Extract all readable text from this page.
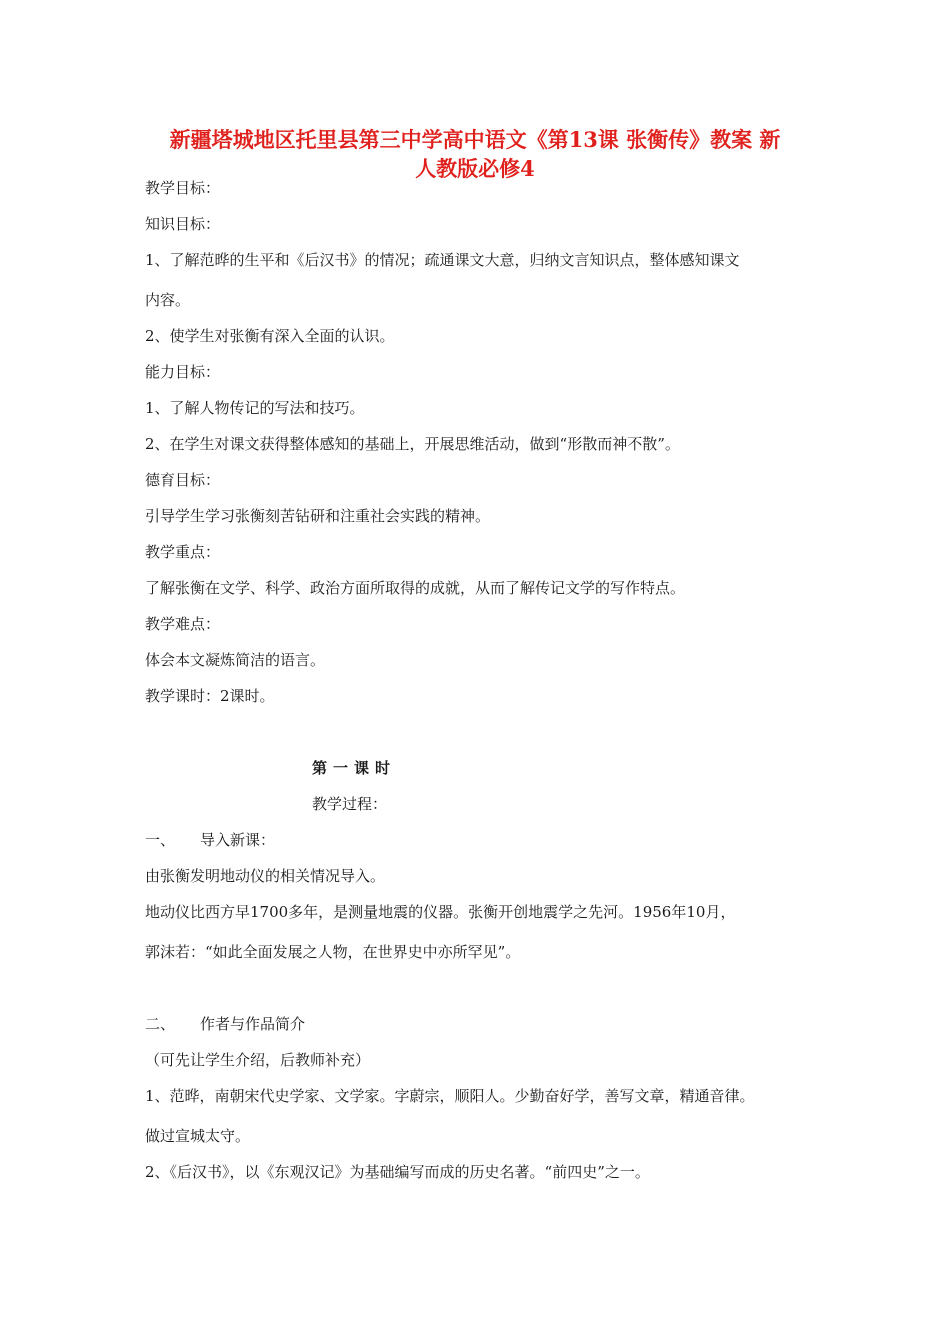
新疆塔城地区托里县第三中学高中语文《第13课 张衡传》教案 新
人教版必修4
教学目标：
知识目标：
1、了解范晔的生平和《后汉书》的情况；疏通课文大意，归纳文言知识点，整体感知课文
内容。
2、使学生对张衡有深入全面的认识。
能力目标：
1、了解人物传记的写法和技巧。
2、在学生对课文获得整体感知的基础上，开展思维活动，做到“形散而神不散”。
德育目标：
引导学生学习张衡刻苦钻研和注重社会实践的精神。
教学重点：
了解张衡在文学、科学、政治方面所取得的成就，从而了解传记文学的写作特点。
教学难点：
体会本文凝炼简洁的语言。
教学课时：2课时。
第一课时
教学过程：
一、 导入新课：
由张衡发明地动仪的相关情况导入。
地动仪比西方早1700多年，是测量地震的仪器。张衡开创地震学之先河。1956年10月，
郭沫若：“如此全面发展之人物，在世界史中亦所罕见”。
二、 作者与作品简介
（可先让学生介绍，后教师补充）
1、范晔，南朝宋代史学家、文学家。字蔚宗，顺阳人。少勤奋好学，善写文章，精通音律。
做过宣城太守。
2、《后汉书》，以《东观汉记》为基础编写而成的历史名著。“前四史”之一。
